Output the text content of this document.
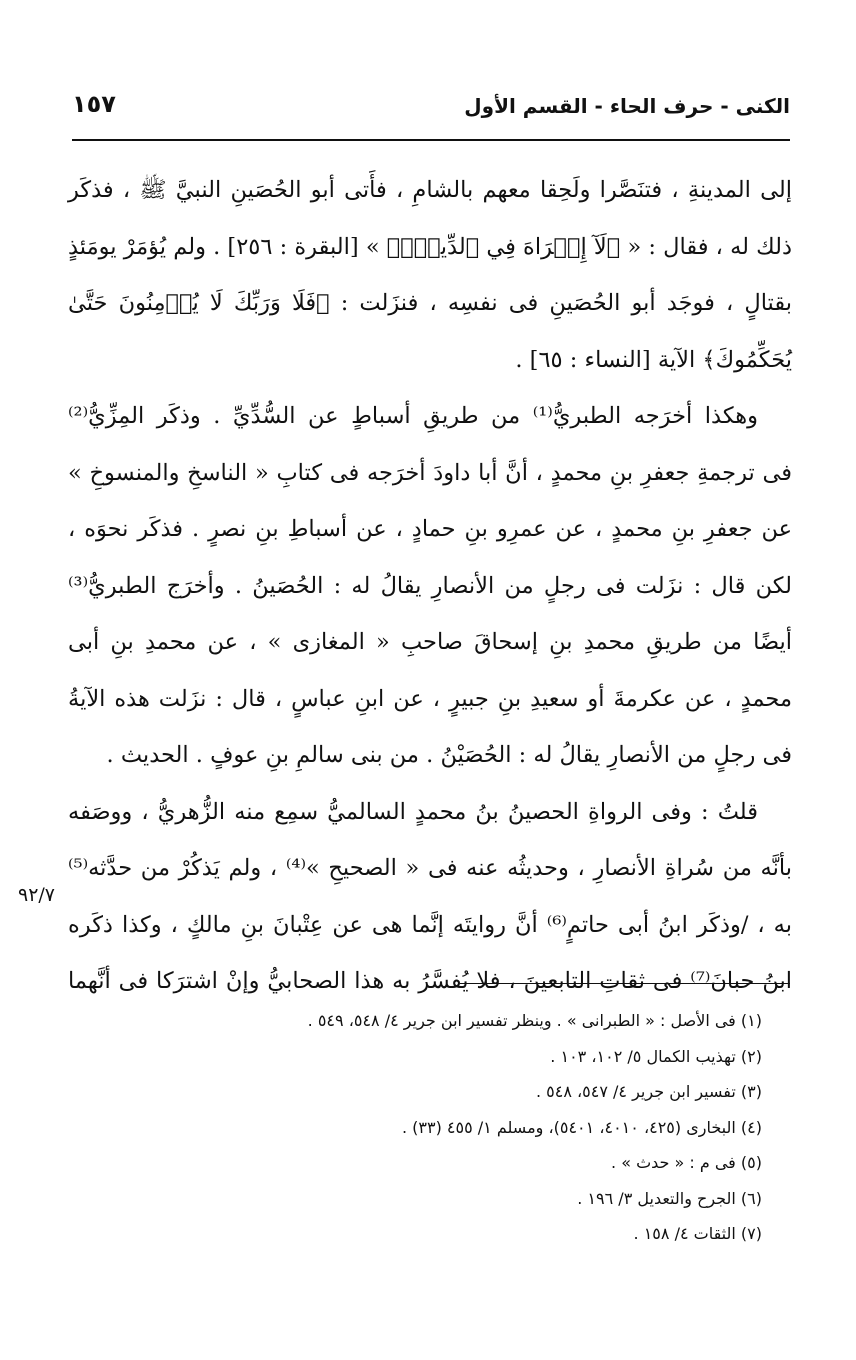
الكنى - حرف الحاء - القسم الأول
١٥٧
إلى المدينةِ ، فتنَصَّرا ولَحِقا معهم بالشامِ ، فأَتى أبو الحُصَينِ النبيَّ ﷺ ، فذكَر
ذلك له ، فقال : « ﴿لَآ إِكۡرَاهَ فِي ٱلدِّينِۖ﴾ » [البقرة : ٢٥٦] . ولم يُؤمَرْ يومَئذٍ
بقتالٍ ، فوجَد أبو الحُصَينِ فى نفسِه ، فنزَلت : ﴿فَلَا وَرَبِّكَ لَا يُؤۡمِنُونَ حَتَّىٰ
يُحَكِّمُوكَ﴾ الآية [النساء : ٦٥] .
وهكذا أخرَجه الطبريُّ⁽¹⁾ من طريقِ أسباطٍ عن السُّدِّيِّ . وذكَر المِزِّيُّ⁽²⁾
فى ترجمةِ جعفرِ بنِ محمدٍ ، أنَّ أبا داودَ أخرَجه فى كتابِ « الناسخِ والمنسوخِ »
عن جعفرِ بنِ محمدٍ ، عن عمرِو بنِ حمادٍ ، عن أسباطِ بنِ نصرٍ . فذكَر نحوَه ،
لكن قال : نزَلت فى رجلٍ من الأنصارِ يقالُ له : الحُصَينُ . وأخرَج الطبريُّ⁽³⁾
أيضًا من طريقِ محمدِ بنِ إسحاقَ صاحبِ « المغازى » ، عن محمدِ بنِ أبى
محمدٍ ، عن عكرمةَ أو سعيدِ بنِ جبيرٍ ، عن ابنِ عباسٍ ، قال : نزَلت هذه الآيةُ
فى رجلٍ من الأنصارِ يقالُ له : الحُصَيْنُ . من بنى سالمِ بنِ عوفٍ . الحديث .
قلتُ : وفى الرواةِ الحصينُ بنُ محمدٍ السالميُّ سمِع منه الزُّهريُّ ، ووصَفه
بأنَّه من سُراةِ الأنصارِ ، وحديثُه عنه فى « الصحيحِ »⁽⁴⁾ ، ولم يَذكُرْ من حدَّثه⁽⁵⁾
به ، /وذكَر ابنُ أبى حاتمٍ⁽⁶⁾ أنَّ روايتَه إنَّما هى عن عِتْبانَ بنِ مالكٍ ، وكذا ذكَره
ابنُ حبانَ⁽⁷⁾ فى ثقاتِ التابعينَ ، فلا يُفسَّرُ به هذا الصحابيُّ وإنْ اشترَكا فى أنَّهما
٩٢/٧
(١) فى الأصل : « الطبرانى » . وينظر تفسير ابن جرير ٤/ ٥٤٨، ٥٤٩ .
(٢) تهذيب الكمال ٥/ ١٠٢، ١٠٣ .
(٣) تفسير ابن جرير ٤/ ٥٤٧، ٥٤٨ .
(٤) البخارى (٤٢٥، ٤٠١٠، ٥٤٠١)، ومسلم ١/ ٤٥٥ (٣٣) .
(٥) فى م : « حدث » .
(٦) الجرح والتعديل ٣/ ١٩٦ .
(٧) الثقات ٤/ ١٥٨ .
